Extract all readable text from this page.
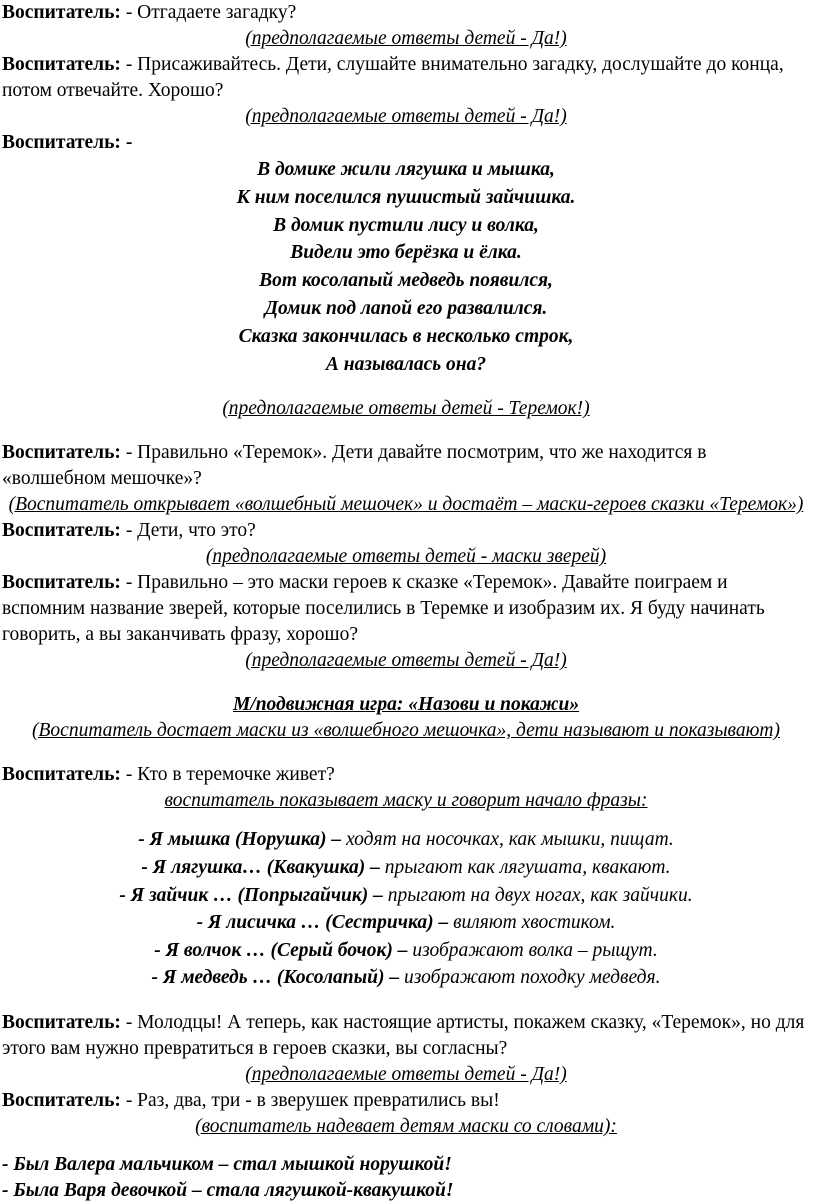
Воспитатель: - Отгадаете загадку?

(предполагаемые ответы детей - Да!)

Воспитатель: - Присаживайтесь. Дети, слушайте внимательно загадку, дослушайте до конца, потом отвечайте. Хорошо?

(предполагаемые ответы детей - Да!)

Воспитатель: -

В домике жили лягушка и мышка,

К ним поселился пушистый зайчишка.

В домик пустили лису и волка,

Видели это берёзка и ёлка.

Вот косолапый медведь появился,

Домик под лапой его развалился.

Сказка закончилась в несколько строк,

А называлась она?

(предполагаемые ответы детей - Теремок!)

Воспитатель: - Правильно «Теремок». Дети давайте посмотрим, что же находится в «волшебном мешочке»?

(Воспитатель открывает «волшебный мешочек» и достаёт – маски-героев сказки «Теремок»)

Воспитатель: - Дети, что это?

(предполагаемые ответы детей - маски зверей)

Воспитатель: - Правильно – это маски героев к сказке «Теремок». Давайте поиграем и вспомним название зверей, которые поселились в Теремке и изобразим их. Я буду начинать говорить, а вы заканчивать фразу, хорошо?

(предполагаемые ответы детей - Да!)

М/подвижная игра: «Назови и покажи»

(Воспитатель достает маски из «волшебного мешочка», дети называют и показывают)

Воспитатель: - Кто в теремочке живет?

воспитатель показывает маску и говорит начало фразы:

- Я мышка (Норушка) – ходят на носочках, как мышки, пищат.

- Я лягушка… (Квакушка) – прыгают как лягушата, квакают.

- Я зайчик … (Попрыгайчик) – прыгают на двух ногах, как зайчики.

- Я лисичка … (Сестричка) – виляют хвостиком.

- Я волчок … (Серый бочок) – изображают волка – рыщут.

- Я медведь … (Косолапый) – изображают походку медведя.

Воспитатель: - Молодцы! А теперь, как настоящие артисты, покажем сказку, «Теремок», но для этого вам нужно превратиться в героев сказки, вы согласны?

(предполагаемые ответы детей - Да!)

Воспитатель: - Раз, два, три - в зверушек превратились вы!

(воспитатель надевает детям маски со словами):

- Был Валера мальчиком – стал мышкой норушкой!

- Была Варя девочкой – стала лягушкой-квакушкой!
